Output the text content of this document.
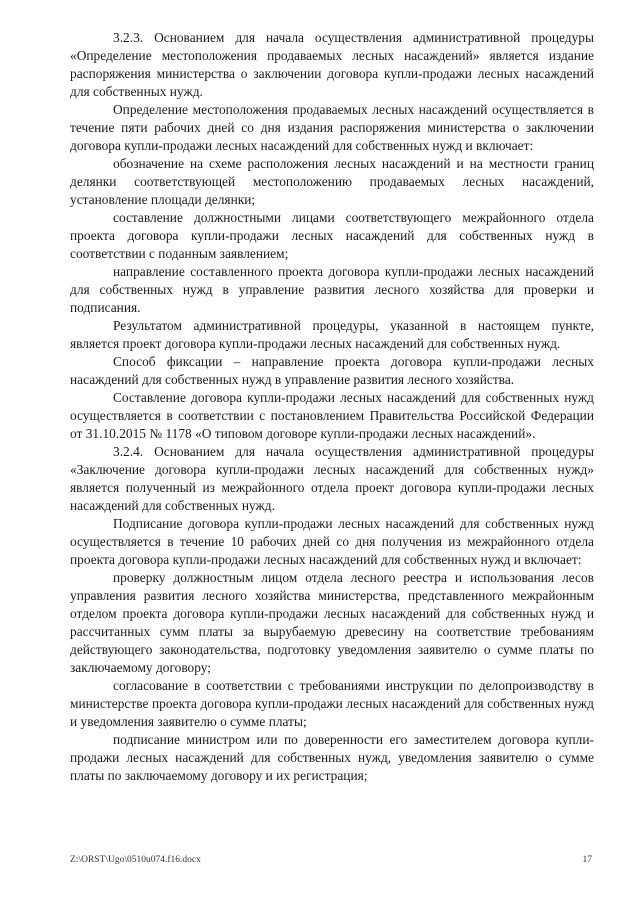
3.2.3. Основанием для начала осуществления административной процедуры «Определение местоположения продаваемых лесных насаждений» является издание распоряжения министерства о заключении договора купли-продажи лесных насаждений для собственных нужд.

Определение местоположения продаваемых лесных насаждений осуществляется в течение пяти рабочих дней со дня издания распоряжения министерства о заключении договора купли-продажи лесных насаждений для собственных нужд и включает:

обозначение на схеме расположения лесных насаждений и на местности границ делянки соответствующей местоположению продаваемых лесных насаждений, установление площади делянки;

составление должностными лицами соответствующего межрайонного отдела проекта договора купли-продажи лесных насаждений для собственных нужд в соответствии с поданным заявлением;

направление составленного проекта договора купли-продажи лесных насаждений для собственных нужд в управление развития лесного хозяйства для проверки и подписания.

Результатом административной процедуры, указанной в настоящем пункте, является проект договора купли-продажи лесных насаждений для собственных нужд.

Способ фиксации – направление проекта договора купли-продажи лесных насаждений для собственных нужд в управление развития лесного хозяйства.

Составление договора купли-продажи лесных насаждений для собственных нужд осуществляется в соответствии с постановлением Правительства Российской Федерации от 31.10.2015 № 1178 «О типовом договоре купли-продажи лесных насаждений».

3.2.4. Основанием для начала осуществления административной процедуры «Заключение договора купли-продажи лесных насаждений для собственных нужд» является полученный из межрайонного отдела проект договора купли-продажи лесных насаждений для собственных нужд.

Подписание договора купли-продажи лесных насаждений для собственных нужд осуществляется в течение 10 рабочих дней со дня получения из межрайонного отдела проекта договора купли-продажи лесных насаждений для собственных нужд и включает:

проверку должностным лицом отдела лесного реестра и использования лесов управления развития лесного хозяйства министерства, представленного межрайонным отделом проекта договора купли-продажи лесных насаждений для собственных нужд и рассчитанных сумм платы за вырубаемую древесину на соответствие требованиям действующего законодательства, подготовку уведомления заявителю о сумме платы по заключаемому договору;

согласование в соответствии с требованиями инструкции по делопроизводству в министерстве проекта договора купли-продажи лесных насаждений для собственных нужд и уведомления заявителю о сумме платы;

подписание министром или по доверенности его заместителем договора купли-продажи лесных насаждений для собственных нужд, уведомления заявителю о сумме платы по заключаемому договору и их регистрация;

Z:\ORST\Ugo\0510u074.f16.docx	17
